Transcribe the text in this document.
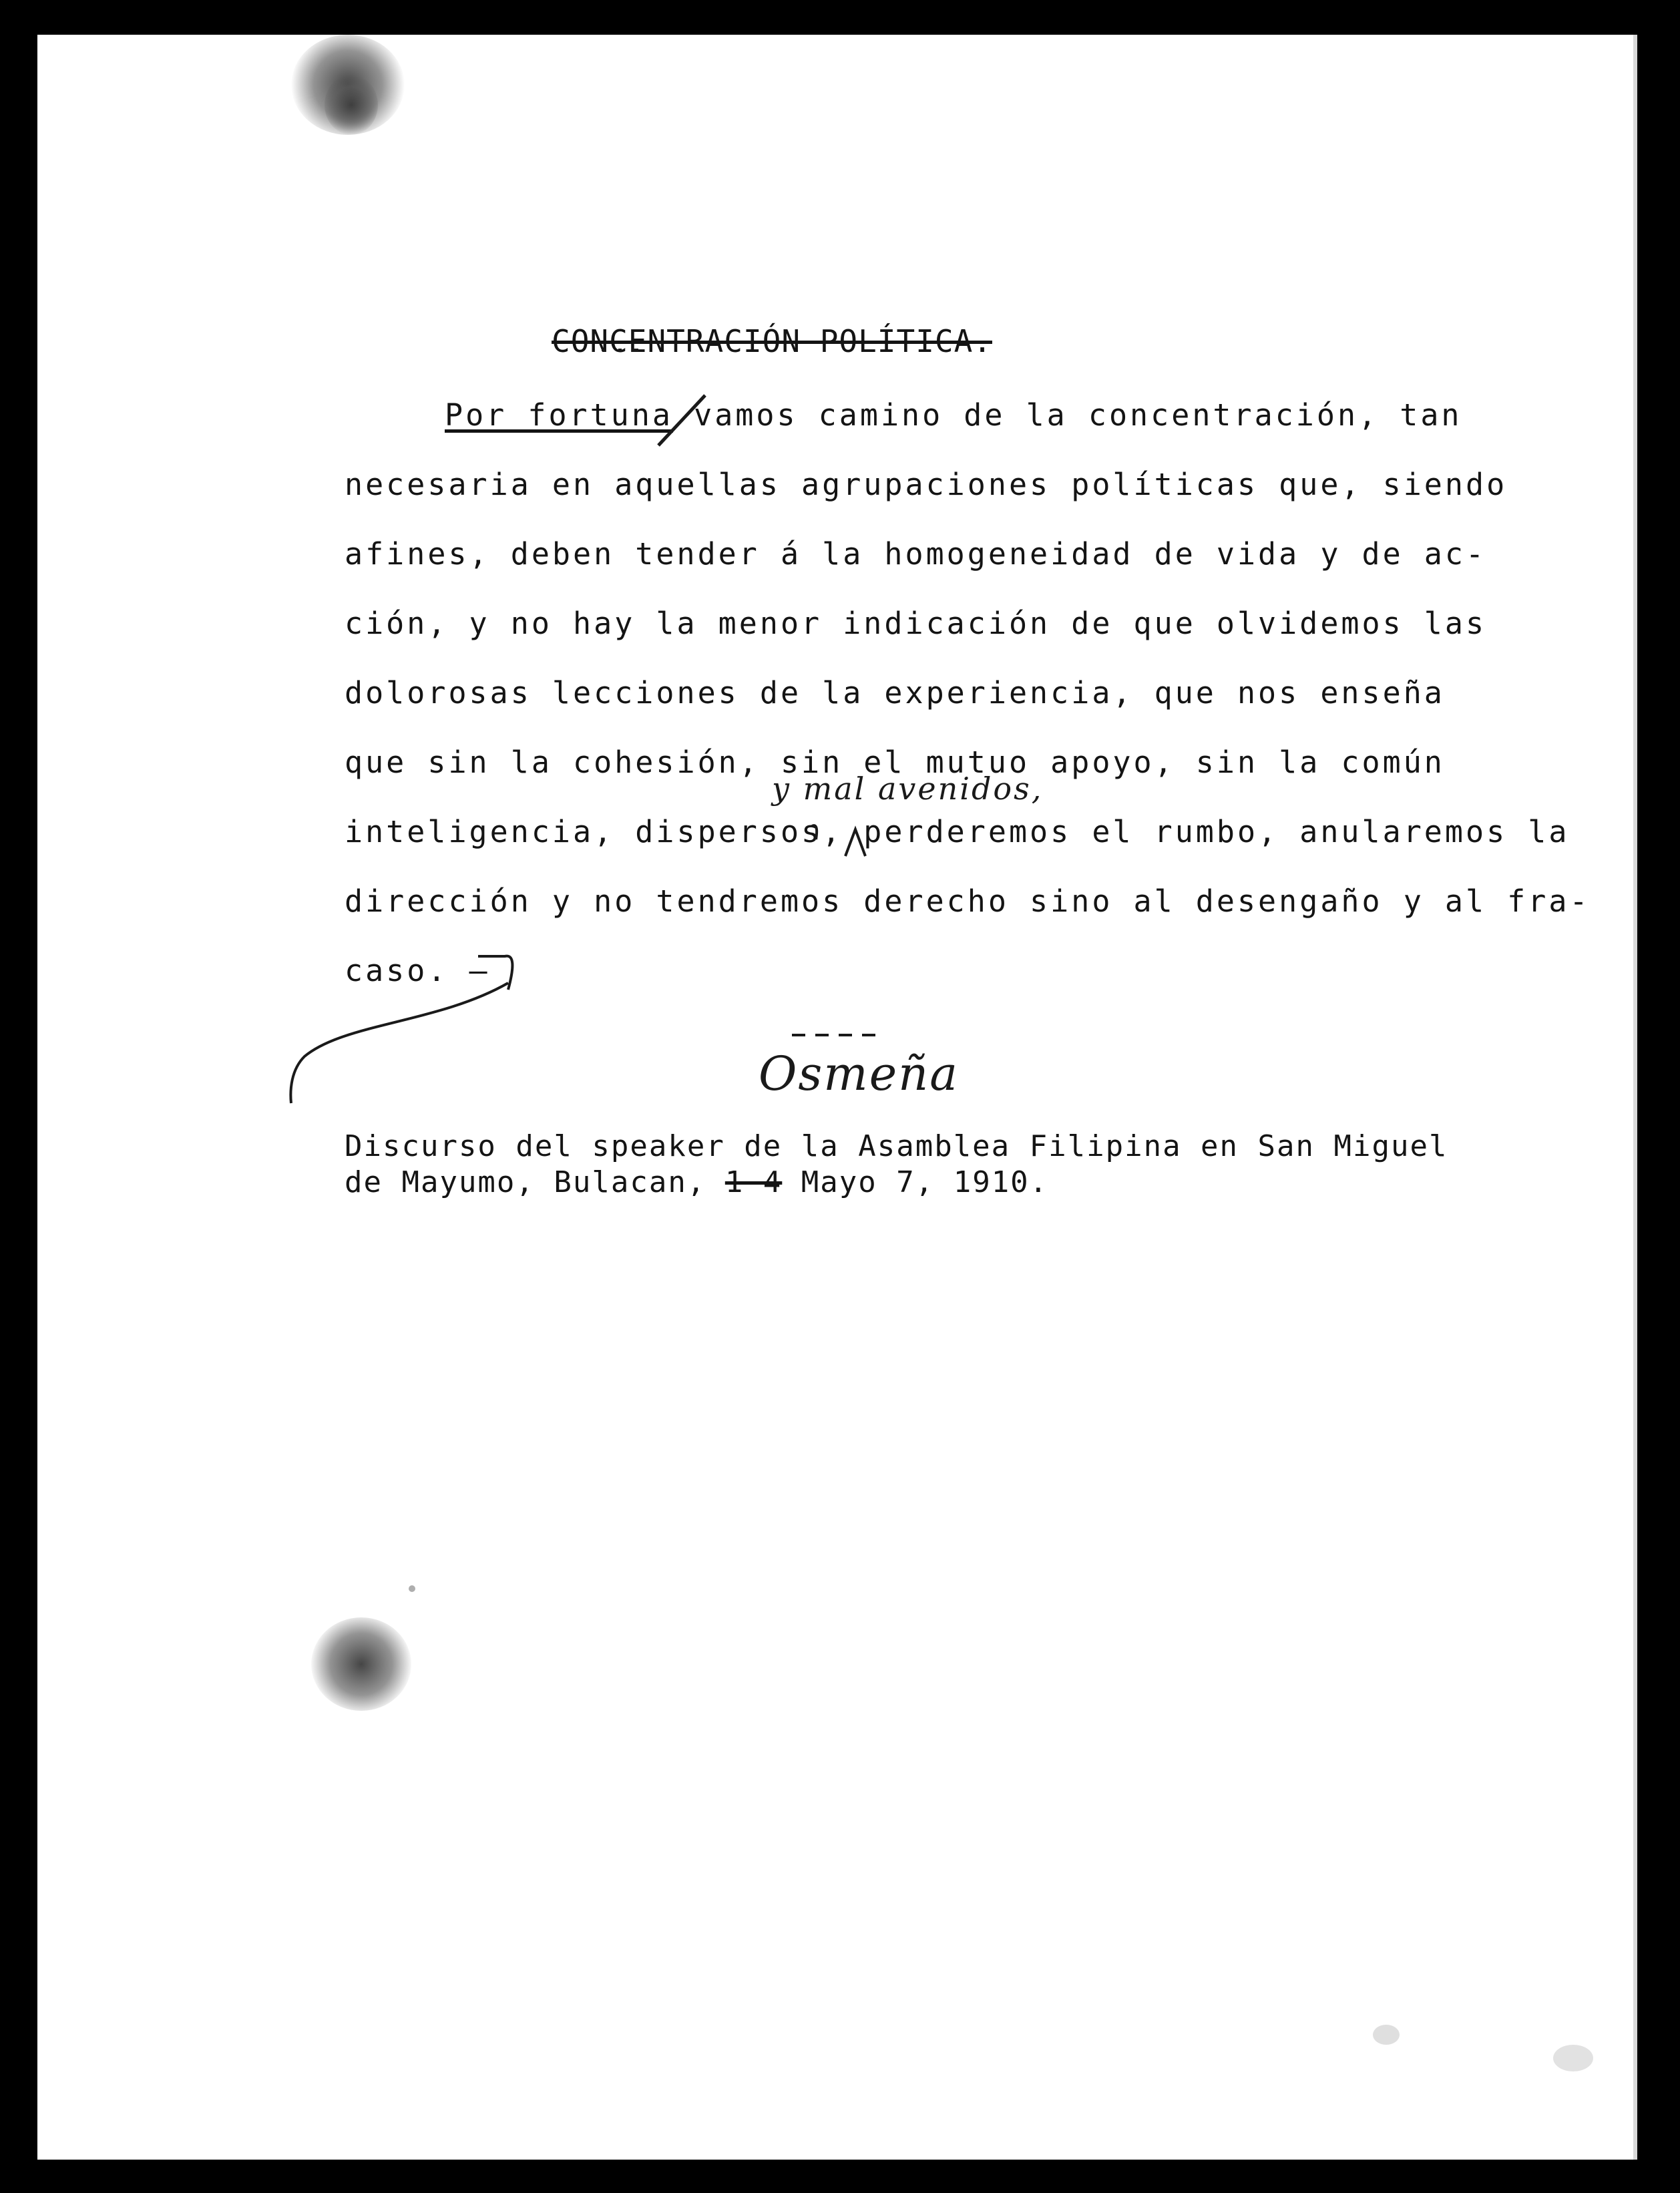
CONCENTRACIÓN POLÍTICA.

Por fortuna vamos camino de la concentración, tan

necesaria en aquellas agrupaciones políticas que, siendo

afines, deben tender á la homogeneidad de vida y de ac-

ción, y no hay la menor indicación de que olvidemos las

dolorosas lecciones de la experiencia, que nos enseña

que sin la cohesión, sin el mutuo apoyo, sin la común

inteligencia, dispersos, perderemos el rumbo, anularemos la

dirección y no tendremos derecho sino al desengaño y al fra-

caso. —

y mal avenidos,
Osmeña

Discurso del speaker de la Asamblea Filipina en San Miguel

de Mayumo, Bulacan, 1 4 Mayo 7, 1910.
